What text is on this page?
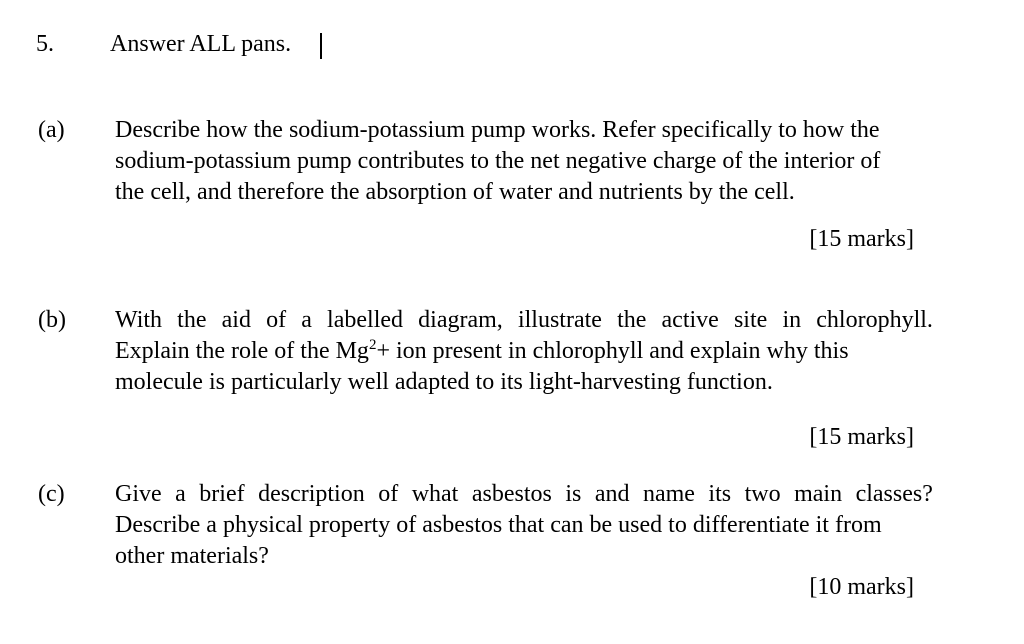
5. Answer ALL pans.
(a) Describe how the sodium-potassium pump works. Refer specifically to how the
sodium-potassium pump contributes to the net negative charge of the interior of
the cell, and therefore the absorption of water and nutrients by the cell.
[15 marks]
(b) With the aid of a labelled diagram, illustrate the active site in chlorophyll.
Explain the role of the $Mg^2+$ ion present in chlorophyll and explain why this
molecule is particularly well adapted to its light-harvesting function.
[15 marks]
(c) Give a brief description of what asbestos is and name its two main classes?
Describe a physical property of asbestos that can be used to differentiate it from
other materials?
[10 marks]
